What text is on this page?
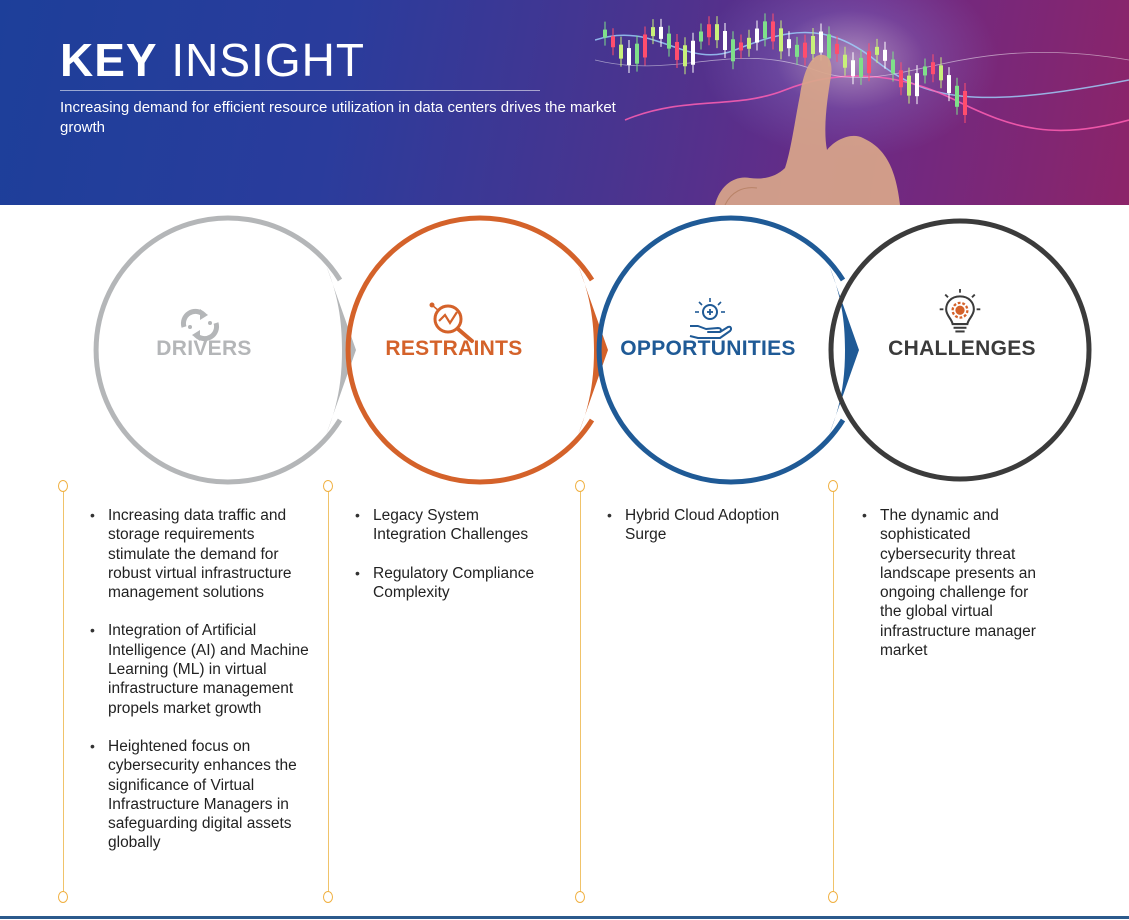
KEY INSIGHT
Increasing demand for efficient resource utilization in data centers drives the market growth
DRIVERS	RESTRAINTS	OPPORTUNITIES	CHALLENGES
• Increasing data traffic and storage requirements stimulate the demand for robust virtual infrastructure management solutions
• Integration of Artificial Intelligence (AI) and Machine Learning (ML) in virtual infrastructure management propels market growth
• Heightened focus on cybersecurity enhances the significance of Virtual Infrastructure Managers in safeguarding digital assets globally
• Legacy System Integration Challenges
• Regulatory Compliance Complexity
• Hybrid Cloud Adoption Surge
• The dynamic and sophisticated cybersecurity threat landscape presents an ongoing challenge for the global virtual infrastructure manager market
